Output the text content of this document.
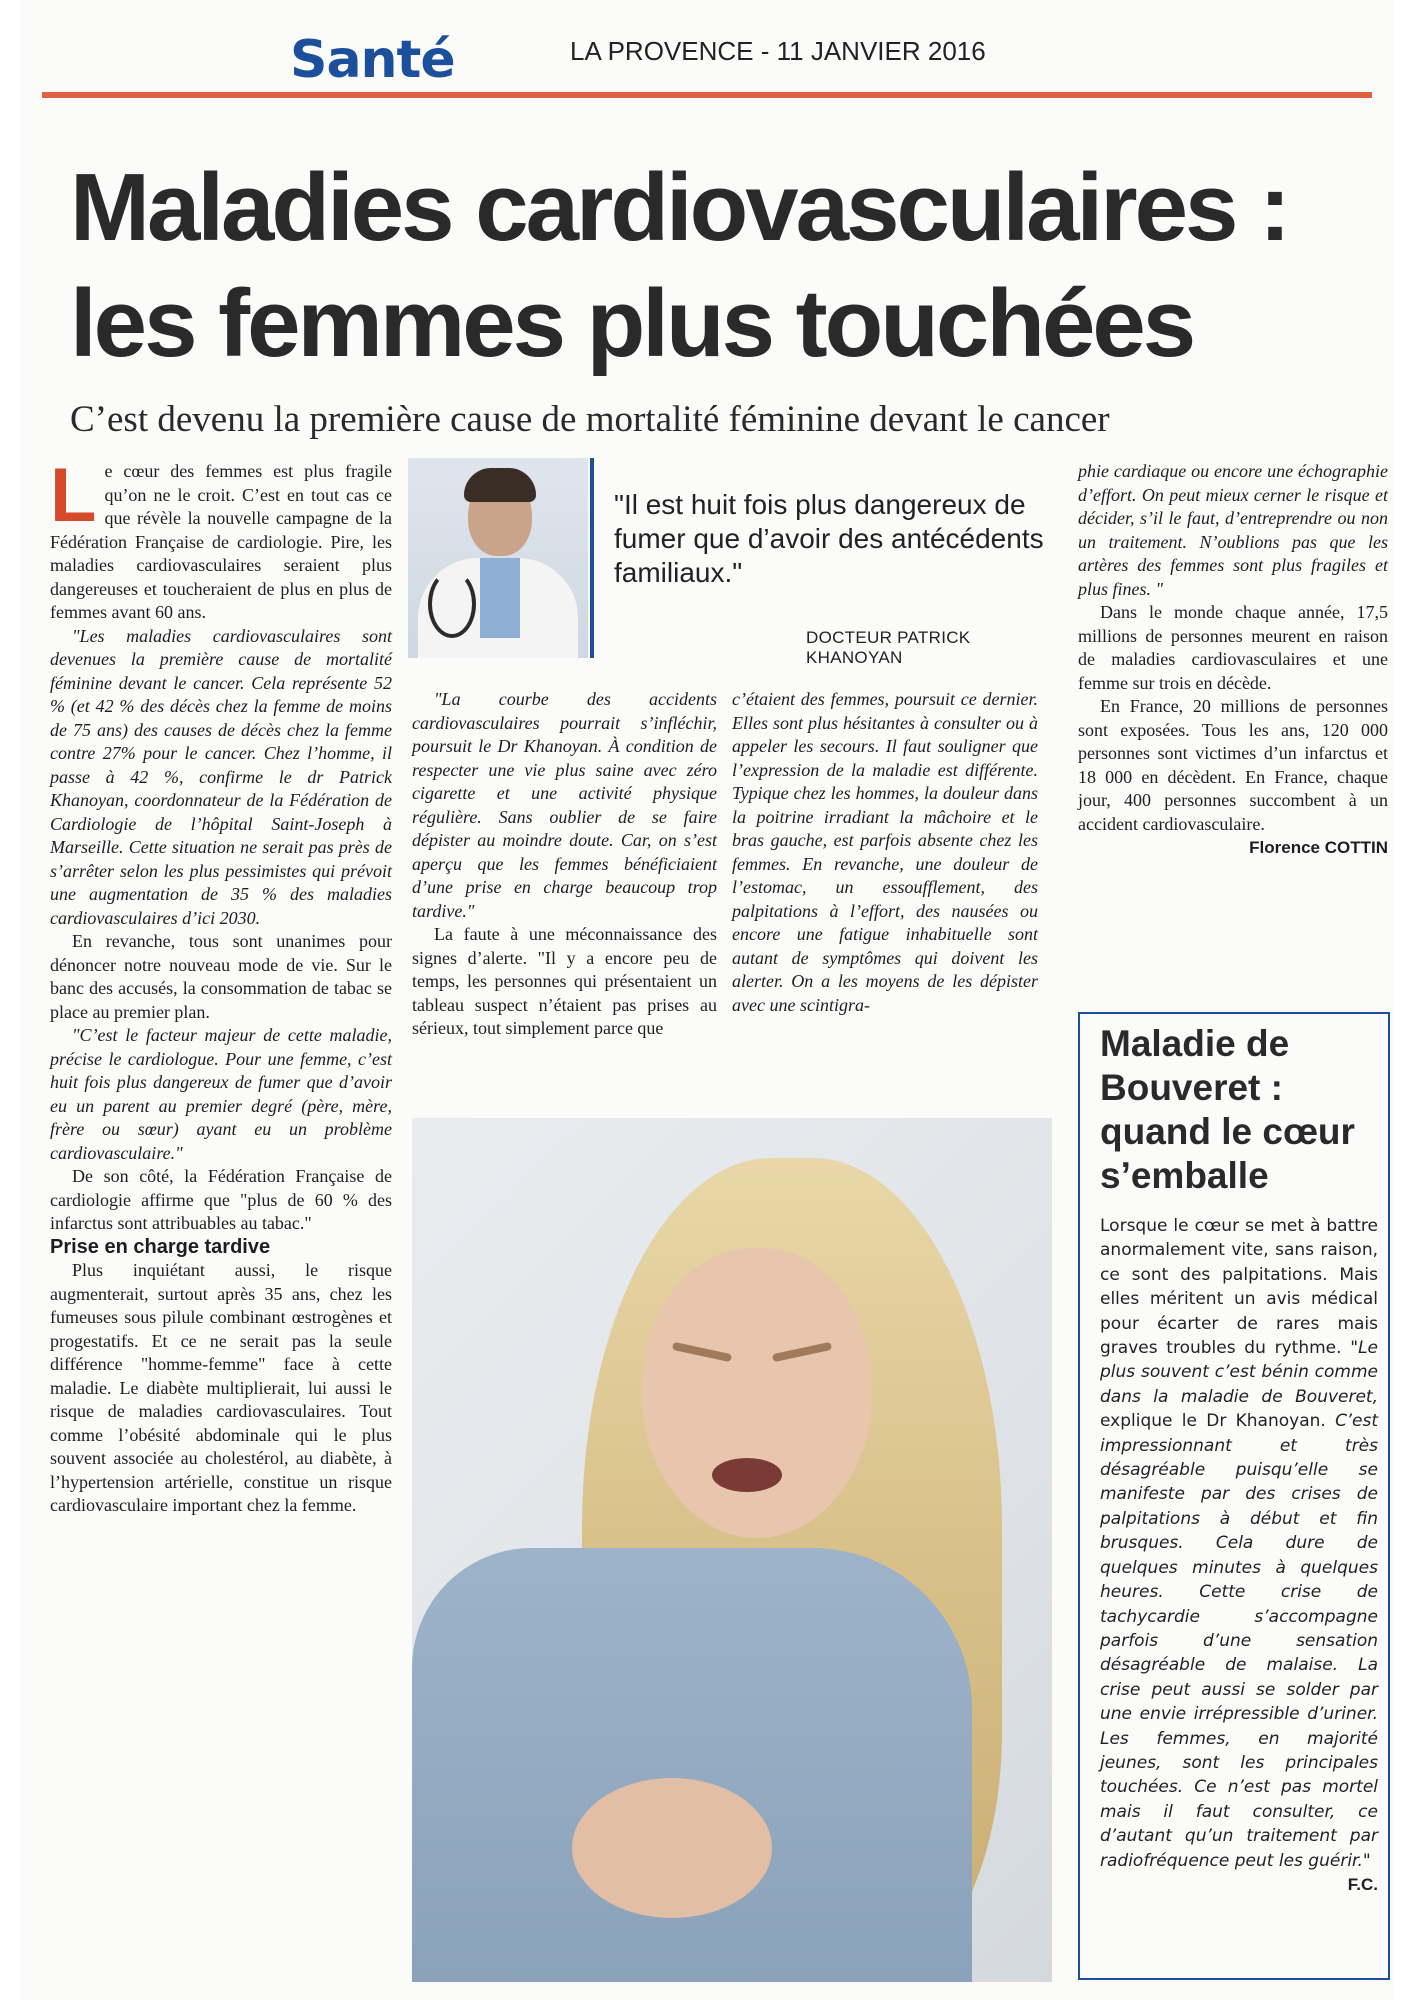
Santé	LA PROVENCE - 11 JANVIER 2016
Maladies cardiovasculaires :
les femmes plus touchées
C’est devenu la première cause de mortalité féminine devant le cancer

Le cœur des femmes est plus fragile qu’on ne le croit. C’est en tout cas ce que révèle la nouvelle campagne de la Fédération Française de cardiologie. Pire, les maladies cardiovasculaires seraient plus dangereuses et toucheraient de plus en plus de femmes avant 60 ans.

"Les maladies cardiovasculaires sont devenues la première cause de mortalité féminine devant le cancer. Cela représente 52 % (et 42 % des décès chez la femme de moins de 75 ans) des causes de décès chez la femme contre 27% pour le cancer. Chez l’homme, il passe à 42 %, confirme le dr Patrick Khanoyan, coordonnateur de la Fédération de Cardiologie de l’hôpital Saint-Joseph à Marseille. Cette situation ne serait pas près de s’arrêter selon les plus pessimistes qui prévoit une augmentation de 35 % des maladies cardiovasculaires d’ici 2030.

En revanche, tous sont unanimes pour dénoncer notre nouveau mode de vie. Sur le banc des accusés, la consommation de tabac se place au premier plan.

"C’est le facteur majeur de cette maladie, précise le cardiologue. Pour une femme, c’est huit fois plus dangereux de fumer que d’avoir eu un parent au premier degré (père, mère, frère ou sœur) ayant eu un problème cardiovasculaire."

De son côté, la Fédération Française de cardiologie affirme que "plus de 60 % des infarctus sont attribuables au tabac."

Prise en charge tardive

Plus inquiétant aussi, le risque augmenterait, surtout après 35 ans, chez les fumeuses sous pilule combinant œstrogènes et progestatifs. Et ce ne serait pas la seule différence "homme-femme" face à cette maladie. Le diabète multiplierait, lui aussi le risque de maladies cardiovasculaires. Tout comme l’obésité abdominale qui le plus souvent associée au cholestérol, au diabète, à l’hypertension artérielle, constitue un risque cardiovasculaire important chez la femme.

"Il est huit fois plus dangereux de fumer que d’avoir des antécédents familiaux."
DOCTEUR PATRICK KHANOYAN

"La courbe des accidents cardiovasculaires pourrait s’infléchir, poursuit le Dr Khanoyan. À condition de respecter une vie plus saine avec zéro cigarette et une activité physique régulière. Sans oublier de se faire dépister au moindre doute. Car, on s’est aperçu que les femmes bénéficiaient d’une prise en charge beaucoup trop tardive."

La faute à une méconnaissance des signes d’alerte. "Il y a encore peu de temps, les personnes qui présentaient un tableau suspect n’étaient pas prises au sérieux, tout simplement parce que

c’étaient des femmes, poursuit ce dernier. Elles sont plus hésitantes à consulter ou à appeler les secours. Il faut souligner que l’expression de la maladie est différente. Typique chez les hommes, la douleur dans la poitrine irradiant la mâchoire et le bras gauche, est parfois absente chez les femmes. En revanche, une douleur de l’estomac, un essoufflement, des palpitations à l’effort, des nausées ou encore une fatigue inhabituelle sont autant de symptômes qui doivent les alerter. On a les moyens de les dépister avec une scintigra-

phie cardiaque ou encore une échographie d’effort. On peut mieux cerner le risque et décider, s’il le faut, d’entreprendre ou non un traitement. N’oublions pas que les artères des femmes sont plus fragiles et plus fines. "

Dans le monde chaque année, 17,5 millions de personnes meurent en raison de maladies cardiovasculaires et une femme sur trois en décède.

En France, 20 millions de personnes sont exposées. Tous les ans, 120 000 personnes sont victimes d’un infarctus et 18 000 en décèdent. En France, chaque jour, 400 personnes succombent à un accident cardiovasculaire.

Florence COTTIN

Maladie de Bouveret : quand le cœur s’emballe
Lorsque le cœur se met à battre anormalement vite, sans raison, ce sont des palpitations. Mais elles méritent un avis médical pour écarter de rares mais graves troubles du rythme. "Le plus souvent c’est bénin comme dans la maladie de Bouveret, explique le Dr Khanoyan. C’est impressionnant et très désagréable puisqu’elle se manifeste par des crises de palpitations à début et fin brusques. Cela dure de quelques minutes à quelques heures. Cette crise de tachycardie s’accompagne parfois d’une sensation désagréable de malaise. La crise peut aussi se solder par une envie irrépressible d’uriner. Les femmes, en majorité jeunes, sont les principales touchées. Ce n’est pas mortel mais il faut consulter, ce d’autant qu’un traitement par radiofréquence peut les guérir."
F.C.
